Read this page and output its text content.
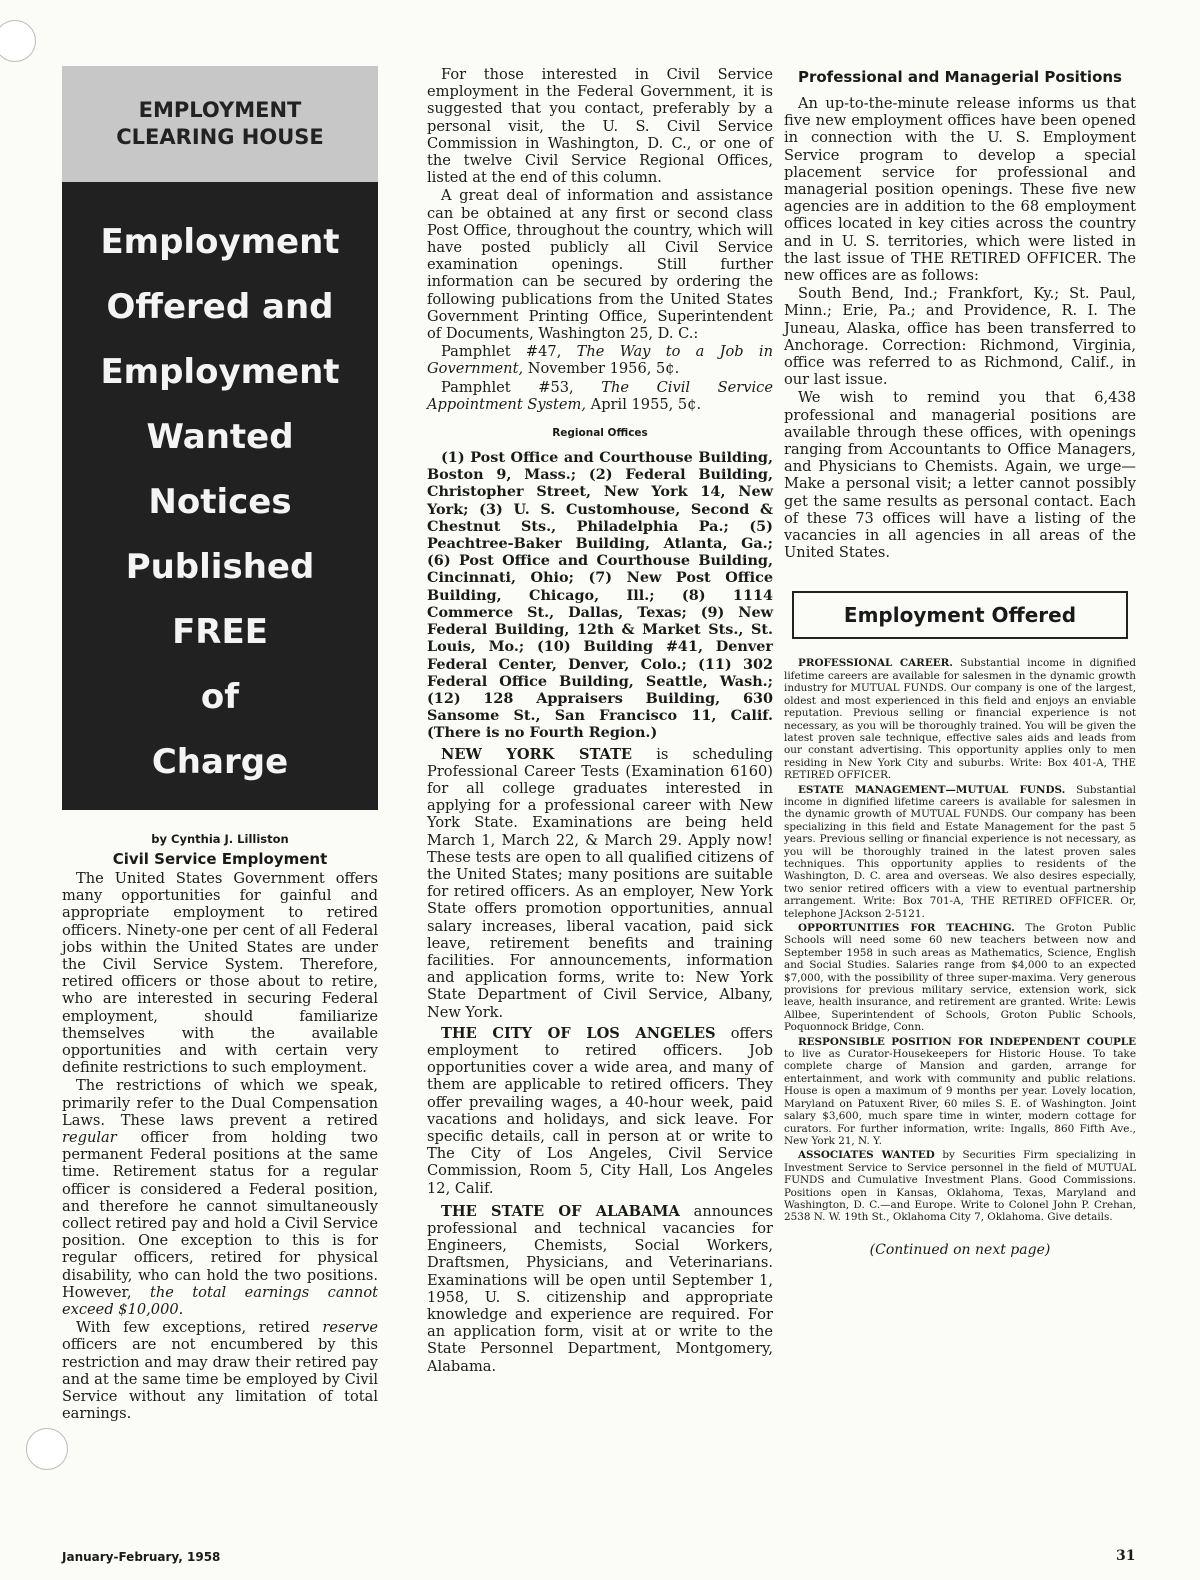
EMPLOYMENT
CLEARING HOUSE
Employment
Offered and
Employment
Wanted
Notices
Published
FREE
of
Charge
by Cynthia J. Lilliston
Civil Service Employment

The United States Government offers many opportunities for gainful and appropriate employment to retired officers. Ninety-one per cent of all Federal jobs within the United States are under the Civil Service System. Therefore, retired officers or those about to retire, who are interested in securing Federal employment, should familiarize themselves with the available opportunities and with certain very definite restrictions to such employment.

The restrictions of which we speak, primarily refer to the Dual Compensation Laws. These laws prevent a retired regular officer from holding two permanent Federal positions at the same time. Retirement status for a regular officer is considered a Federal position, and therefore he cannot simultaneously collect retired pay and hold a Civil Service position. One exception to this is for regular officers, retired for physical disability, who can hold the two positions. However, the total earnings cannot exceed $10,000.

With few exceptions, retired reserve officers are not encumbered by this restriction and may draw their retired pay and at the same time be employed by Civil Service without any limitation of total earnings.

For those interested in Civil Service employment in the Federal Government, it is suggested that you contact, preferably by a personal visit, the U. S. Civil Service Commission in Washington, D. C., or one of the twelve Civil Service Regional Offices, listed at the end of this column.

A great deal of information and assistance can be obtained at any first or second class Post Office, throughout the country, which will have posted publicly all Civil Service examination openings. Still further information can be secured by ordering the following publications from the United States Government Printing Office, Superintendent of Documents, Washington 25, D. C.:

Pamphlet #47, The Way to a Job in Government, November 1956, 5¢.

Pamphlet #53, The Civil Service Appointment System, April 1955, 5¢.

Regional Offices

(1) Post Office and Courthouse Building, Boston 9, Mass.; (2) Federal Building, Christopher Street, New York 14, New York; (3) U. S. Customhouse, Second & Chestnut Sts., Philadelphia Pa.; (5) Peachtree-Baker Building, Atlanta, Ga.; (6) Post Office and Courthouse Building, Cincinnati, Ohio; (7) New Post Office Building, Chicago, Ill.; (8) 1114 Commerce St., Dallas, Texas; (9) New Federal Building, 12th & Market Sts., St. Louis, Mo.; (10) Building #41, Denver Federal Center, Denver, Colo.; (11) 302 Federal Office Building, Seattle, Wash.; (12) 128 Appraisers Building, 630 Sansome St., San Francisco 11, Calif. (There is no Fourth Region.)

NEW YORK STATE is scheduling Professional Career Tests (Examination 6160) for all college graduates interested in applying for a professional career with New York State. Examinations are being held March 1, March 22, & March 29. Apply now! These tests are open to all qualified citizens of the United States; many positions are suitable for retired officers. As an employer, New York State offers promotion opportunities, annual salary increases, liberal vacation, paid sick leave, retirement benefits and training facilities. For announcements, information and application forms, write to: New York State Department of Civil Service, Albany, New York.

THE CITY OF LOS ANGELES offers employment to retired officers. Job opportunities cover a wide area, and many of them are applicable to retired officers. They offer prevailing wages, a 40-hour week, paid vacations and holidays, and sick leave. For specific details, call in person at or write to The City of Los Angeles, Civil Service Commission, Room 5, City Hall, Los Angeles 12, Calif.

THE STATE OF ALABAMA announces professional and technical vacancies for Engineers, Chemists, Social Workers, Draftsmen, Physicians, and Veterinarians. Examinations will be open until September 1, 1958, U. S. citizenship and appropriate knowledge and experience are required. For an application form, visit at or write to the State Personnel Department, Montgomery, Alabama.

Professional and Managerial Positions

An up-to-the-minute release informs us that five new employment offices have been opened in connection with the U. S. Employment Service program to develop a special placement service for professional and managerial position openings. These five new agencies are in addition to the 68 employment offices located in key cities across the country and in U. S. territories, which were listed in the last issue of THE RETIRED OFFICER. The new offices are as follows:

South Bend, Ind.; Frankfort, Ky.; St. Paul, Minn.; Erie, Pa.; and Providence, R. I. The Juneau, Alaska, office has been transferred to Anchorage. Correction: Richmond, Virginia, office was referred to as Richmond, Calif., in our last issue.

We wish to remind you that 6,438 professional and managerial positions are available through these offices, with openings ranging from Accountants to Office Managers, and Physicians to Chemists. Again, we urge—Make a personal visit; a letter cannot possibly get the same results as personal contact. Each of these 73 offices will have a listing of the vacancies in all agencies in all areas of the United States.

Employment Offered

PROFESSIONAL CAREER. Substantial income in dignified lifetime careers are available for salesmen in the dynamic growth industry for MUTUAL FUNDS. Our company is one of the largest, oldest and most experienced in this field and enjoys an enviable reputation. Previous selling or financial experience is not necessary, as you will be thoroughly trained. You will be given the latest proven sale technique, effective sales aids and leads from our constant advertising. This opportunity applies only to men residing in New York City and suburbs. Write: Box 401-A, THE RETIRED OFFICER.

ESTATE MANAGEMENT—MUTUAL FUNDS. Substantial income in dignified lifetime careers is available for salesmen in the dynamic growth of MUTUAL FUNDS. Our company has been specializing in this field and Estate Management for the past 5 years. Previous selling or financial experience is not necessary, as you will be thoroughly trained in the latest proven sales techniques. This opportunity applies to residents of the Washington, D. C. area and overseas. We also desires especially, two senior retired officers with a view to eventual partnership arrangement. Write: Box 701-A, THE RETIRED OFFICER. Or, telephone JAckson 2-5121.

OPPORTUNITIES FOR TEACHING. The Groton Public Schools will need some 60 new teachers between now and September 1958 in such areas as Mathematics, Science, English and Social Studies. Salaries range from $4,000 to an expected $7,000, with the possibility of three super-maxima. Very generous provisions for previous military service, extension work, sick leave, health insurance, and retirement are granted. Write: Lewis Allbee, Superintendent of Schools, Groton Public Schools, Poquonnock Bridge, Conn.

RESPONSIBLE POSITION FOR INDEPENDENT COUPLE to live as Curator-Housekeepers for Historic House. To take complete charge of Mansion and garden, arrange for entertainment, and work with community and public relations. House is open a maximum of 9 months per year. Lovely location, Maryland on Patuxent River, 60 miles S. E. of Washington. Joint salary $3,600, much spare time in winter, modern cottage for curators. For further information, write: Ingalls, 860 Fifth Ave., New York 21, N. Y.

ASSOCIATES WANTED by Securities Firm specializing in Investment Service to Service personnel in the field of MUTUAL FUNDS and Cumulative Investment Plans. Good Commissions. Positions open in Kansas, Oklahoma, Texas, Maryland and Washington, D. C.—and Europe. Write to Colonel John P. Crehan, 2538 N. W. 19th St., Oklahoma City 7, Oklahoma. Give details.

(Continued on next page)
January-February, 1958	31
